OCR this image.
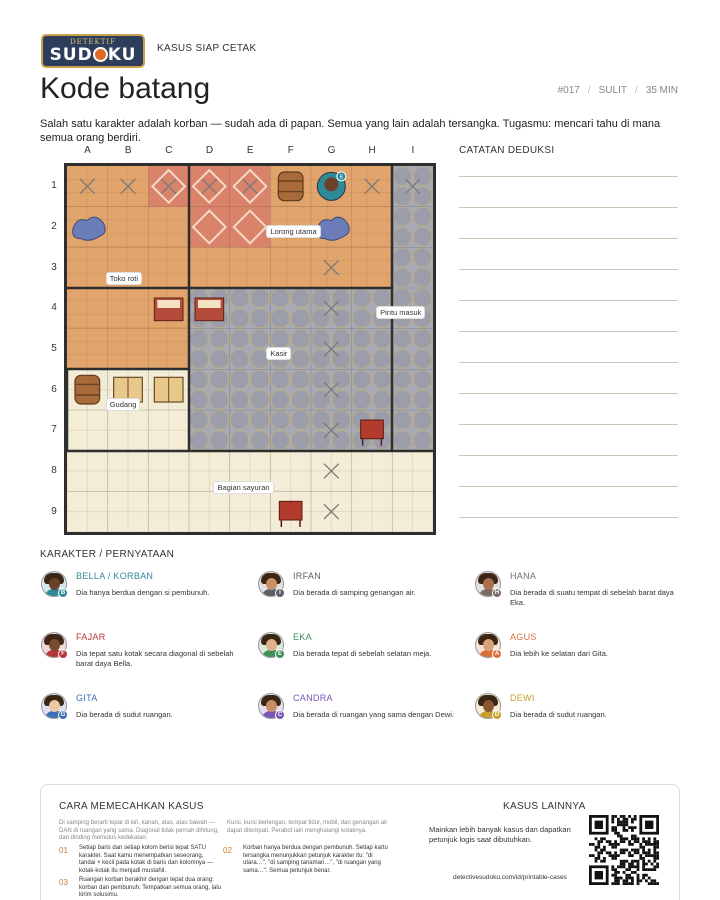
DETEKTIF
SUD KU	KASUS SIAP CETAK
Kode batang	#017 / SULIT / 35 MIN
Salah satu karakter adalah korban — sudah ada di papan. Semua yang lain adalah tersangka. Tugasmu: mencari tahu di mana semua orang berdiri.
A	B	C	D	E	F	G	H	I
1
2
3
4
5
6
7
8
9
B
Lorong utama
Toko roti
Pintu masuk
Kasir
Gudang
Bagian sayuran
CATATAN DEDUKSI
KARAKTER / PERNYATAAN
B
BELLA / KORBAN
Dia hanya berdua dengan si pembunuh.	I
IRFAN
Dia berada di samping genangan air.	H
HANA
Dia berada di suatu tempat di sebelah barat daya Eka.
F
FAJAR
Dia tepat satu kotak secara diagonal di sebelah barat daya Bella.
E
EKA
Dia berada tepat di sebelah selatan meja.	A
AGUS
Dia lebih ke selatan dari Gita.
G
GITA
Dia berada di sudut ruangan.	C
CANDRA
Dia berada di ruangan yang sama dengan Dewi.	D
DEWI
Dia berada di sudut ruangan.
CARA MEMECAHKAN KASUS
Di samping berarti tepat di kiri, kanan, atas, atau bawah — DAN di ruangan yang sama. Diagonal tidak pernah dihitung, dan dinding memutus kedekatan.
Kursi, kursi berlengan, tempat tidur, mobil, dan genangan air dapat ditempati. Perabot lain menghalangi kotaknya.
01 Setiap baris dan setiap kolom berisi tepat SATU karakter. Saat kamu menempatkan seseorang, tandai × kecil pada kotak di baris dan kolomnya — kotak-kotak itu menjadi mustahil.
02 Korban hanya berdua dengan pembunuh. Setiap kartu tersangka menunjukkan petunjuk karakter itu: "di utara…", "di samping tanaman…", "di ruangan yang sama…". Semua petunjuk benar.
03 Ruangan korban berakhir dengan tepat dua orang: korban dan pembunuh. Tempatkan semua orang, lalu kirim solusimu.
KASUS LAINNYA
Mainkan lebih banyak kasus dan dapatkan petunjuk logis saat dibutuhkan.
detectivesudoku.com/id/printable-cases
